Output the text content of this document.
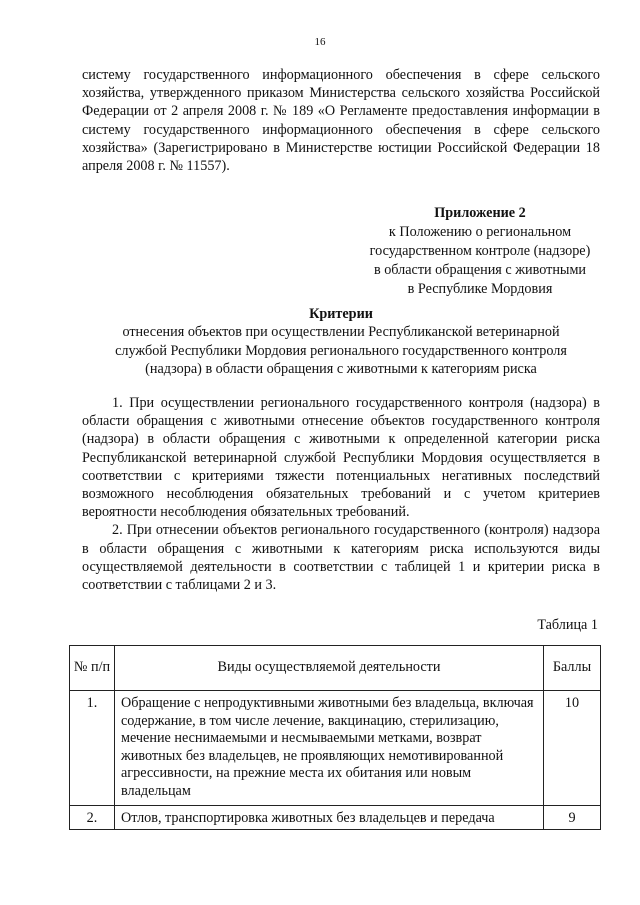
16

систему государственного информационного обеспечения в сфере сельского хозяйства, утвержденного приказом Министерства сельского хозяйства Российской Федерации от 2 апреля 2008 г. № 189 «О Регламенте предоставления информации в систему государственного информационного обеспечения в сфере сельского хозяйства» (Зарегистрировано в Министерстве юстиции Российской Федерации 18 апреля 2008 г. № 11557).

Приложение 2
к Положению о региональном
государственном контроле (надзоре)
в области обращения с животными
в Республике Мордовия
Критерии
отнесения объектов при осуществлении Республиканской ветеринарной
службой Республики Мордовия регионального государственного контроля
(надзора) в области обращения с животными к категориям риска

1. При осуществлении регионального государственного контроля (надзора) в области обращения с животными отнесение объектов государственного контроля (надзора) в области обращения с животными к определенной категории риска Республиканской ветеринарной службой Республики Мордовия осуществляется в соответствии с критериями тяжести потенциальных негативных последствий возможного несоблюдения обязательных требований и с учетом критериев вероятности несоблюдения обязательных требований.

2. При отнесении объектов регионального государственного (контроля) надзора в области обращения с животными к категориям риска используются виды осуществляемой деятельности в соответствии с таблицей 1 и критерии риска в соответствии с таблицами 2 и 3.

Таблица 1
№ п/п	Виды осуществляемой деятельности	Баллы
1.	Обращение с непродуктивными животными без владельца, включая содержание, в том числе лечение, вакцинацию, стерилизацию, мечение неснимаемыми и несмываемыми метками, возврат животных без владельцев, не проявляющих немотивированной агрессивности, на прежние места их обитания или новым владельцам	10
2.	Отлов, транспортировка животных без владельцев и передача	9
